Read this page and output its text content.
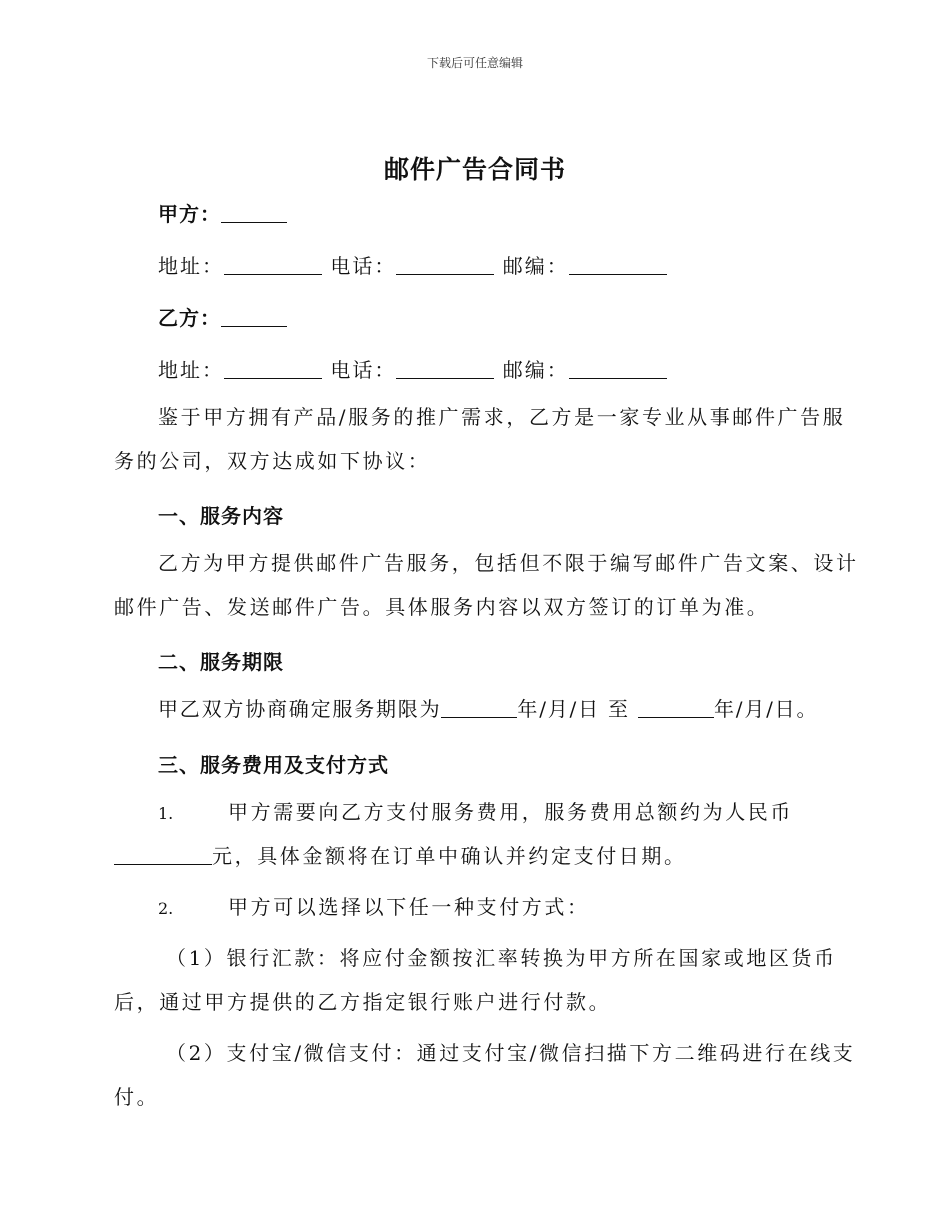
下载后可任意编辑
邮件广告合同书
甲方：
地址：	电话：	邮编：
乙方：
地址：	电话：	邮编：
鉴于甲方拥有产品/服务的推广需求，乙方是一家专业从事邮件广告服
务的公司，双方达成如下协议：
一、服务内容
乙方为甲方提供邮件广告服务，包括但不限于编写邮件广告文案、设计
邮件广告、发送邮件广告。具体服务内容以双方签订的订单为准。
二、服务期限
甲乙双方协商确定服务期限为	年/月/日 至	年/月/日。
三、服务费用及支付方式
1.	甲方需要向乙方支付服务费用，服务费用总额约为人民币
元，具体金额将在订单中确认并约定支付日期。
2.	甲方可以选择以下任一种支付方式：
（1）银行汇款：将应付金额按汇率转换为甲方所在国家或地区货币
后，通过甲方提供的乙方指定银行账户进行付款。
（2）支付宝/微信支付：通过支付宝/微信扫描下方二维码进行在线支
付。
